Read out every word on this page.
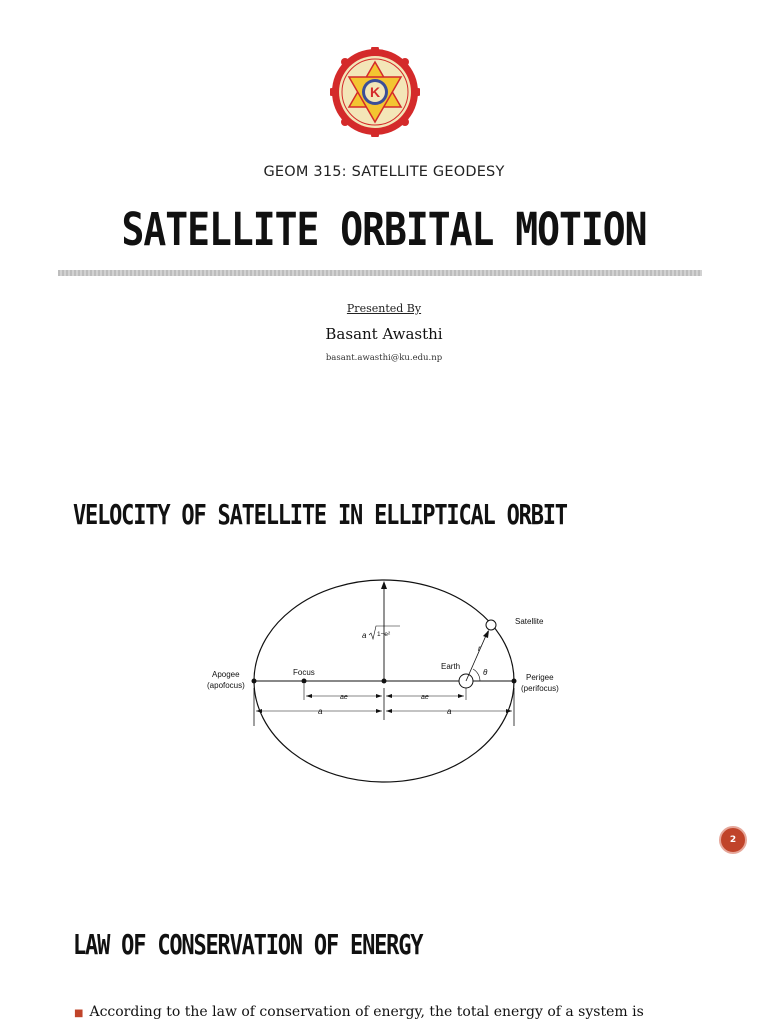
K
GEOM 315: SATELLITE GEODESY
SATELLITE ORBITAL MOTION
Presented By
Basant Awasthi
basant.awasthi@ku.edu.np
VELOCITY OF SATELLITE IN ELLIPTICAL ORBIT
Satellite
Earth
Focus
Apogee
(apofocus)
Perigee
(perifocus)
a 1−e²
ae	ae
a	a
r
θ
2
LAW OF CONSERVATION OF ENERGY
■ According to the law of conservation of energy, the total energy of a system is
